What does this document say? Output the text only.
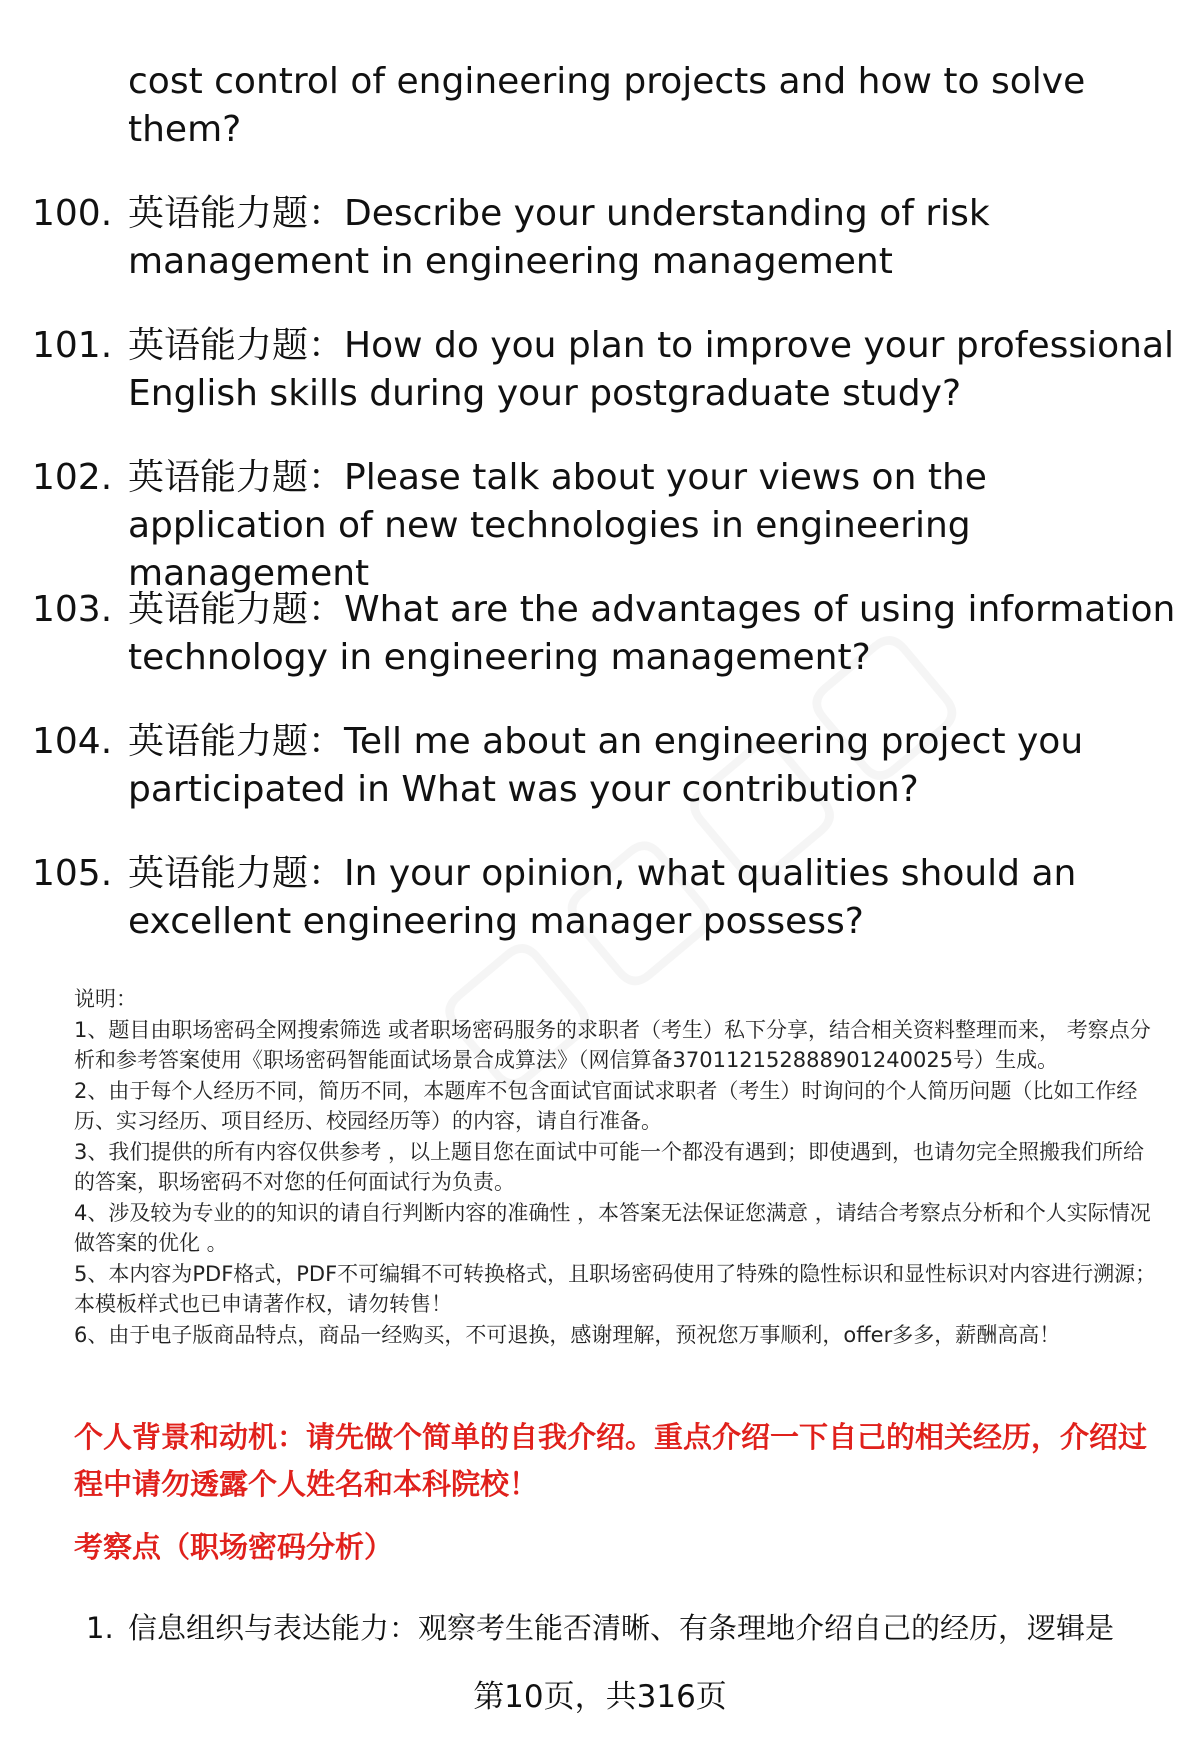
cost control of engineering projects and how to solve them?
100. 英语能力题：Describe your understanding of risk management in engineering management
101. 英语能力题：How do you plan to improve your professional English skills during your postgraduate study?
102. 英语能力题：Please talk about your views on the application of new technologies in engineering management
103. 英语能力题：What are the advantages of using information technology in engineering management?
104. 英语能力题：Tell me about an engineering project you participated in What was your contribution?
105. 英语能力题：In your opinion, what qualities should an excellent engineering manager possess?

说明：

1、题目由职场密码全网搜索筛选 或者职场密码服务的求职者（考生）私下分享，结合相关资料整理而来， 考察点分析和参考答案使用《职场密码智能面试场景合成算法》（网信算备370112152888901240025号）生成。

2、由于每个人经历不同，简历不同，本题库不包含面试官面试求职者（考生）时询问的个人简历问题（比如工作经历、实习经历、项目经历、校园经历等）的内容，请自行准备。

3、我们提供的所有内容仅供参考 ，以上题目您在面试中可能一个都没有遇到；即使遇到，也请勿完全照搬我们所给的答案，职场密码不对您的任何面试行为负责。

4、涉及较为专业的的知识的请自行判断内容的准确性 ，本答案无法保证您满意 ，请结合考察点分析和个人实际情况做答案的优化 。

5、本内容为PDF格式，PDF不可编辑不可转换格式，且职场密码使用了特殊的隐性标识和显性标识对内容进行溯源；本模板样式也已申请著作权，请勿转售！

6、由于电子版商品特点，商品一经购买，不可退换，感谢理解，预祝您万事顺利，offer多多，薪酬高高！

个人背景和动机：请先做个简单的自我介绍。重点介绍一下自己的相关经历，介绍过程中请勿透露个人姓名和本科院校！
考察点（职场密码分析）
1. 信息组织与表达能力：观察考生能否清晰、有条理地介绍自己的经历，逻辑是
第10页，共316页
